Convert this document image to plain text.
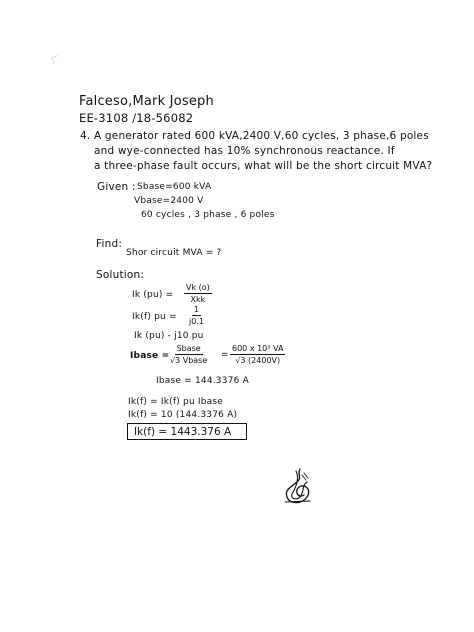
Falceso,Mark Joseph
EE-3108 /18-56082
4. A generator rated 600 kVA,2400 V,60 cycles, 3 phase,6 poles
and wye-connected has 10% synchronous reactance. If
a three-phase fault occurs, what will be the short circuit MVA?
Given : Sbase=600 kVA
Vbase=2400 V
60 cycles , 3 phase , 6 poles
Find:
Shor circuit MVA = ?
Solution:
Ik (pu) =
Vk (o)
Xkk
Ik(f) pu = $\frac{1}{j0.1}$
Ik (pu) - j10 pu
Ibase =
Sbase
√3 Vbase
= $\frac{\text{600 x 10³ VA}}{√3 (2400V)}$
Ibase = 144.3376 A
Ik(f) = Ik(f) pu Ibase
Ik(f) = 10 (144.3376 A)
Ik(f) = 1443.376 A
